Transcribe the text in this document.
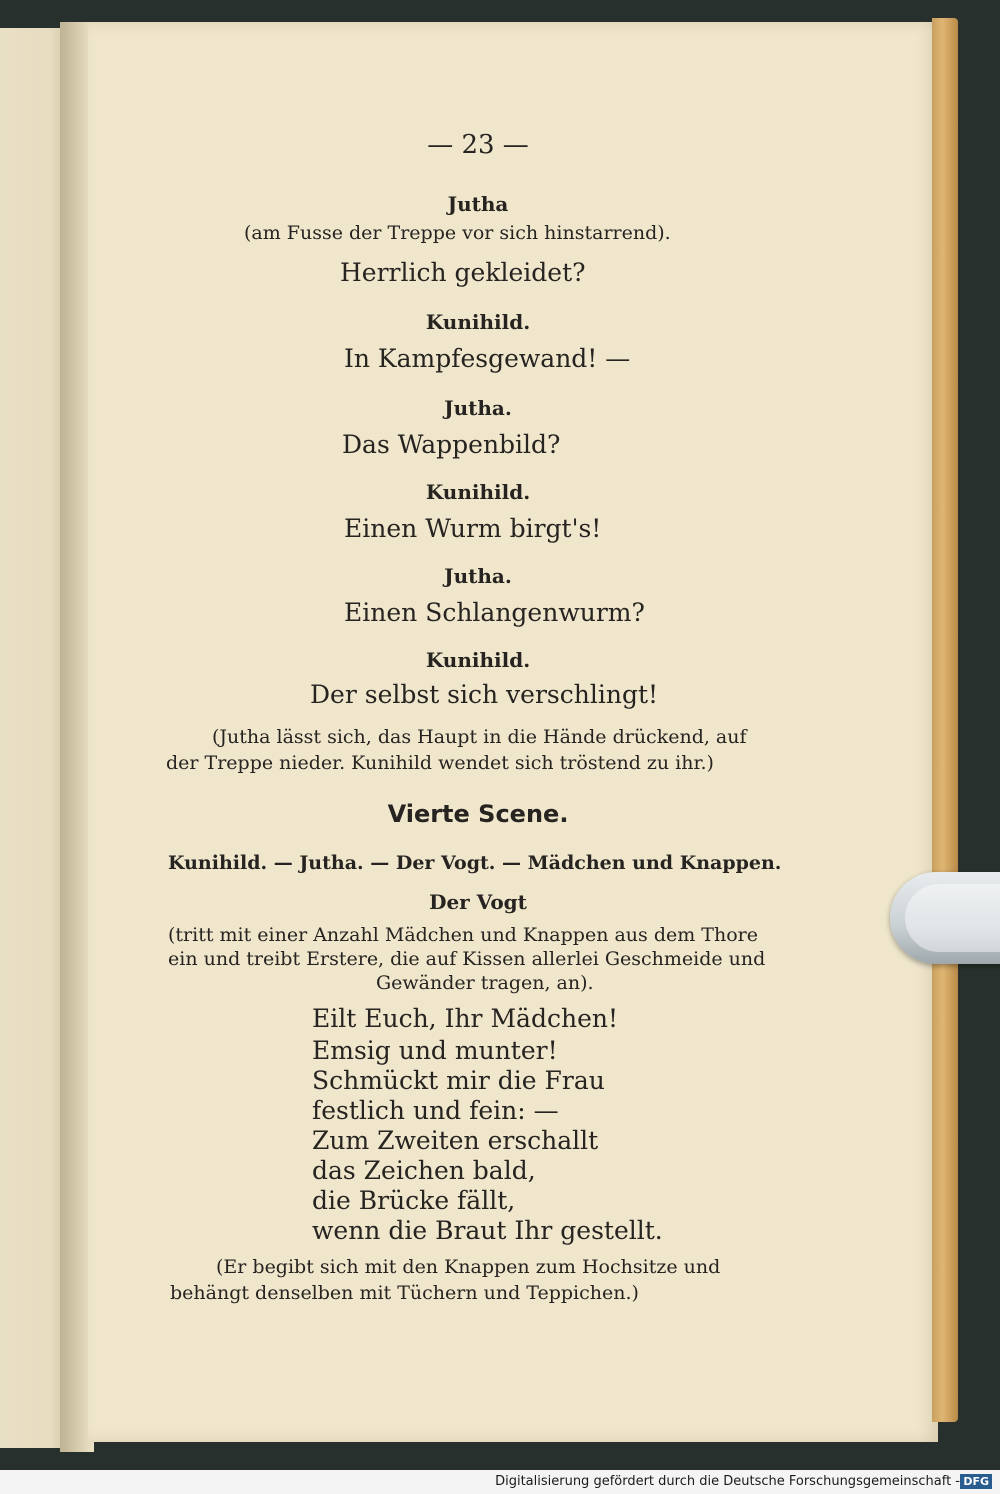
— 23 —
Jutha
(am Fusse der Treppe vor sich hinstarrend).
Herrlich gekleidet?
Kunihild.
In Kampfesgewand! —
Jutha.
Das Wappenbild?
Kunihild.
Einen Wurm birgt's!
Jutha.
Einen Schlangenwurm?
Kunihild.
Der selbst sich verschlingt!
(Jutha lässt sich, das Haupt in die Hände drückend, auf
der Treppe nieder. Kunihild wendet sich tröstend zu ihr.)
Vierte Scene.
Kunihild. — Jutha. — Der Vogt. — Mädchen und Knappen.
Der Vogt
(tritt mit einer Anzahl Mädchen und Knappen aus dem Thore
ein und treibt Erstere, die auf Kissen allerlei Geschmeide und
Gewänder tragen, an).
Eilt Euch, Ihr Mädchen!
Emsig und munter!
Schmückt mir die Frau
festlich und fein: —
Zum Zweiten erschallt
das Zeichen bald,
die Brücke fällt,
wenn die Braut Ihr gestellt.
(Er begibt sich mit den Knappen zum Hochsitze und
behängt denselben mit Tüchern und Teppichen.)
Digitalisierung gefördert durch die Deutsche Forschungsgemeinschaft - DFG
